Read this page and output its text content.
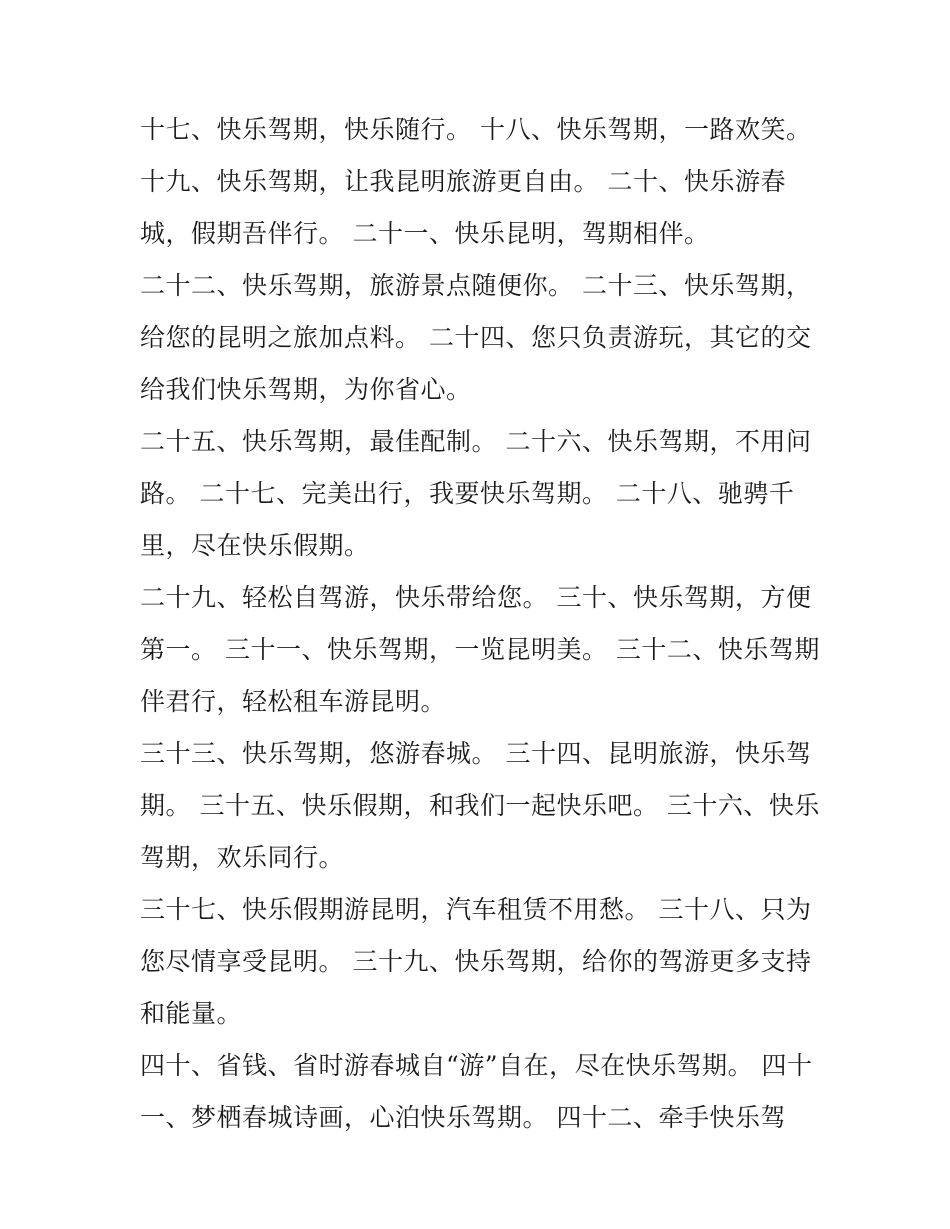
十七、快乐驾期，快乐随行。 十八、快乐驾期，一路欢笑。
十九、快乐驾期，让我昆明旅游更自由。 二十、快乐游春
城，假期吾伴行。 二十一、快乐昆明，驾期相伴。
二十二、快乐驾期，旅游景点随便你。 二十三、快乐驾期，
给您的昆明之旅加点料。 二十四、您只负责游玩，其它的交
给我们快乐驾期，为你省心。
二十五、快乐驾期，最佳配制。 二十六、快乐驾期，不用问
路。 二十七、完美出行，我要快乐驾期。 二十八、驰骋千
里，尽在快乐假期。
二十九、轻松自驾游，快乐带给您。 三十、快乐驾期，方便
第一。 三十一、快乐驾期，一览昆明美。 三十二、快乐驾期
伴君行，轻松租车游昆明。
三十三、快乐驾期，悠游春城。 三十四、昆明旅游，快乐驾
期。 三十五、快乐假期，和我们一起快乐吧。 三十六、快乐
驾期，欢乐同行。
三十七、快乐假期游昆明，汽车租赁不用愁。 三十八、只为
您尽情享受昆明。 三十九、快乐驾期，给你的驾游更多支持
和能量。
四十、省钱、省时游春城自“游”自在，尽在快乐驾期。 四十
一、梦栖春城诗画，心泊快乐驾期。 四十二、牵手快乐驾
